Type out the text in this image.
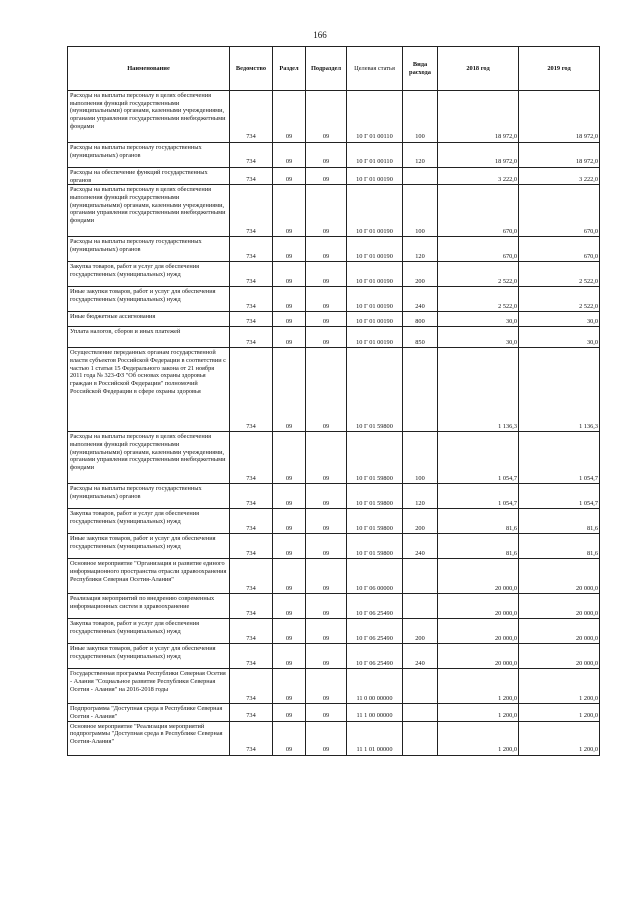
166
Наименование	Ведомство	Раздел	Подраздел	Целевая статья	Вида расхода	2018 год	2019 год
Расходы на выплаты персоналу в целях обеспечения выполнения функций государственными (муниципальными) органами, казенными учреждениями, органами управления государственными внебюджетными фондами	734	09	09	10 Г 01 00110	100	18 972,0	18 972,0
Расходы на выплаты персоналу государственных (муниципальных) органов	734	09	09	10 Г 01 00110	120	18 972,0	18 972,0
Расходы на обеспечение функций государственных органов	734	09	09	10 Г 01 00190		3 222,0	3 222,0
Расходы на выплаты персоналу в целях обеспечения выполнения функций государственными (муниципальными) органами, казенными учреждениями, органами управления государственными внебюджетными фондами	734	09	09	10 Г 01 00190	100	670,0	670,0
Расходы на выплаты персоналу государственных (муниципальных) органов	734	09	09	10 Г 01 00190	120	670,0	670,0
Закупка товаров, работ и услуг для обеспечения государственных (муниципальных) нужд	734	09	09	10 Г 01 00190	200	2 522,0	2 522,0
Иные закупки товаров, работ и услуг для обеспечения государственных (муниципальных) нужд	734	09	09	10 Г 01 00190	240	2 522,0	2 522,0
Иные бюджетные ассигнования	734	09	09	10 Г 01 00190	800	30,0	30,0
Уплата налогов, сборов и иных платежей	734	09	09	10 Г 01 00190	850	30,0	30,0
Осуществление переданных органам государственной власти субъектов Российской Федерации в соответствии с частью 1 статьи 15 Федерального закона от 21 ноября 2011 года № 323-ФЗ "Об основах охраны здоровья граждан в Российской Федерации" полномочий Российской Федерации в сфере охраны здоровья	734	09	09	10 Г 01 59800		1 136,3	1 136,3
Расходы на выплаты персоналу в целях обеспечения выполнения функций государственными (муниципальными) органами, казенными учреждениями, органами управления государственными внебюджетными фондами	734	09	09	10 Г 01 59800	100	1 054,7	1 054,7
Расходы на выплаты персоналу государственных (муниципальных) органов	734	09	09	10 Г 01 59800	120	1 054,7	1 054,7
Закупка товаров, работ и услуг для обеспечения государственных (муниципальных) нужд	734	09	09	10 Г 01 59800	200	81,6	81,6
Иные закупки товаров, работ и услуг для обеспечения государственных (муниципальных) нужд	734	09	09	10 Г 01 59800	240	81,6	81,6
Основное мероприятие "Организация и развитие единого информационного пространства отрасли здравоохранения Республики Северная Осетия-Алания"	734	09	09	10 Г 06 00000		20 000,0	20 000,0
Реализация мероприятий по внедрению современных информационных систем в здравоохранение	734	09	09	10 Г 06 25490		20 000,0	20 000,0
Закупка товаров, работ и услуг для обеспечения государственных (муниципальных) нужд	734	09	09	10 Г 06 25490	200	20 000,0	20 000,0
Иные закупки товаров, работ и услуг для обеспечения государственных (муниципальных) нужд	734	09	09	10 Г 06 25490	240	20 000,0	20 000,0
Государственная программа Республики Северная Осетия - Алания "Социальное развитие Республики Северная Осетия - Алания" на 2016-2018 годы	734	09	09	11 0 00 00000		1 200,0	1 200,0
Подпрограмма "Доступная среда в Республике Северная Осетия - Алания"	734	09	09	11 1 00 00000		1 200,0	1 200,0
Основное мероприятие "Реализация мероприятий подпрограммы "Доступная среда в Республике Северная Осетия-Алания"	734	09	09	11 1 01 00000		1 200,0	1 200,0
